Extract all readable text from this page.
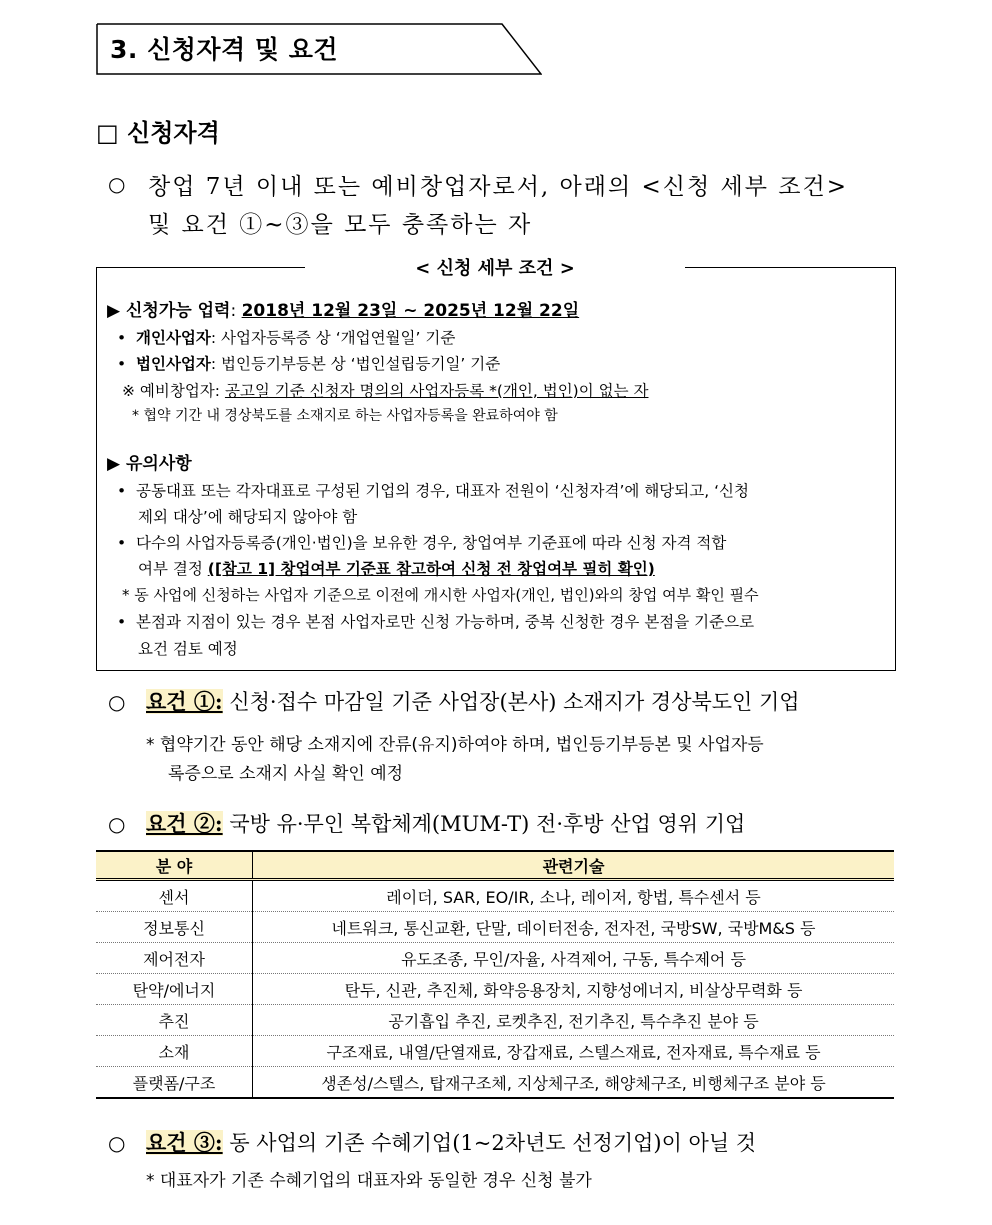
3. 신청자격 및 요건
□ 신청자격
○ 창업 7년 이내 또는 예비창업자로서, 아래의 <신청 세부 조건>
및 요건 ①~③을 모두 충족하는 자
< 신청 세부 조건 >
▶ 신청가능 업력: 2018년 12월 23일 ~ 2025년 12월 22일
• 개인사업자: 사업자등록증 상 ‘개업연월일’ 기준
• 법인사업자: 법인등기부등본 상 ‘법인설립등기일’ 기준
※ 예비창업자: 공고일 기준 신청자 명의의 사업자등록 *(개인, 법인)이 없는 자
* 협약 기간 내 경상북도를 소재지로 하는 사업자등록을 완료하여야 함
▶ 유의사항
• 공동대표 또는 각자대표로 구성된 기업의 경우, 대표자 전원이 ‘신청자격’에 해당되고, ‘신청
제외 대상’에 해당되지 않아야 함
• 다수의 사업자등록증(개인·법인)을 보유한 경우, 창업여부 기준표에 따라 신청 자격 적합
여부 결정 ([참고 1] 창업여부 기준표 참고하여 신청 전 창업여부 필히 확인)
* 동 사업에 신청하는 사업자 기준으로 이전에 개시한 사업자(개인, 법인)와의 창업 여부 확인 필수
• 본점과 지점이 있는 경우 본점 사업자로만 신청 가능하며, 중복 신청한 경우 본점을 기준으로
요건 검토 예정
○ 요건 ①: 신청·접수 마감일 기준 사업장(본사) 소재지가 경상북도인 기업
* 협약기간 동안 해당 소재지에 잔류(유지)하여야 하며, 법인등기부등본 및 사업자등
록증으로 소재지 사실 확인 예정
○ 요건 ②: 국방 유·무인 복합체계(MUM-T) 전·후방 산업 영위 기업
분 야	관련기술
센서	레이더, SAR, EO/IR, 소나, 레이저, 항법, 특수센서 등
정보통신	네트워크, 통신교환, 단말, 데이터전송, 전자전, 국방SW, 국방M&S 등
제어전자	유도조종, 무인/자율, 사격제어, 구동, 특수제어 등
탄약/에너지	탄두, 신관, 추진체, 화약응용장치, 지향성에너지, 비살상무력화 등
추진	공기흡입 추진, 로켓추진, 전기추진, 특수추진 분야 등
소재	구조재료, 내열/단열재료, 장갑재료, 스텔스재료, 전자재료, 특수재료 등
플랫폼/구조	생존성/스텔스, 탑재구조체, 지상체구조, 해양체구조, 비행체구조 분야 등
○ 요건 ③: 동 사업의 기존 수혜기업(1~2차년도 선정기업)이 아닐 것
* 대표자가 기존 수혜기업의 대표자와 동일한 경우 신청 불가
